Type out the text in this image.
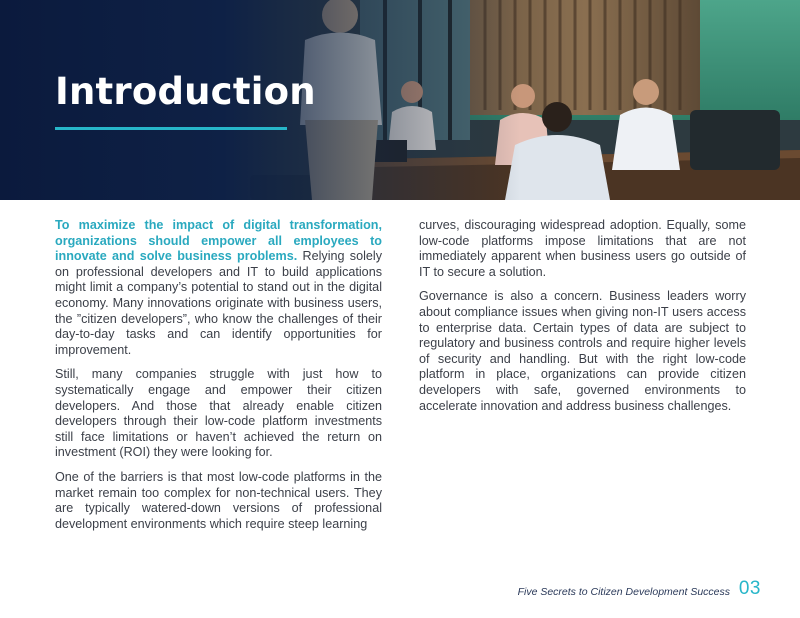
Introduction

To maximize the impact of digital transformation, organizations should empower all employees to innovate and solve business problems. Relying solely on professional developers and IT to build applications might limit a company’s potential to stand out in the digital economy. Many innovations originate with business users, the ”citizen developers”, who know the challenges of their day-to-day tasks and can identify opportunities for improvement.

Still, many companies struggle with just how to systematically engage and empower their citizen developers. And those that already enable citizen developers through their low-code platform investments still face limitations or haven’t achieved the return on investment (ROI) they were looking for.

One of the barriers is that most low-code platforms in the market remain too complex for non-technical users. They are typically watered-down versions of professional development environments which require steep learning

curves, discouraging widespread adoption. Equally, some low-code platforms impose limitations that are not immediately apparent when business users go outside of IT to secure a solution.

Governance is also a concern. Business leaders worry about compliance issues when giving non-IT users access to enterprise data. Certain types of data are subject to regulatory and business controls and require higher levels of security and handling. But with the right low-code platform in place, organizations can provide citizen developers with safe, governed environments to accelerate innovation and address business challenges.

Five Secrets to Citizen Development Success 03
